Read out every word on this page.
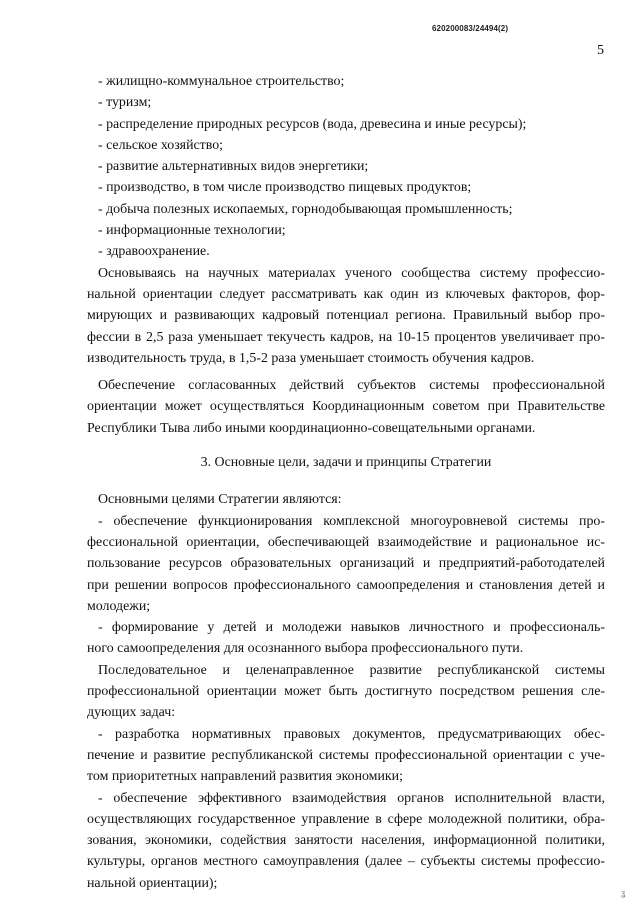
620200083/24494(2)
5
- жилищно-коммунальное строительство;
- туризм;
- распределение природных ресурсов (вода, древесина и иные ресурсы);
- сельское хозяйство;
- развитие альтернативных видов энергетики;
- производство, в том числе производство пищевых продуктов;
- добыча полезных ископаемых, горнодобывающая промышленность;
- информационные технологии;
- здравоохранение.
Основываясь на научных материалах ученого сообщества систему профессио-
нальной ориентации следует рассматривать как один из ключевых факторов, фор-
мирующих и развивающих кадровый потенциал региона. Правильный выбор про-
фессии в 2,5 раза уменьшает текучесть кадров, на 10-15 процентов увеличивает про-
изводительность труда, в 1,5-2 раза уменьшает стоимость обучения кадров.
Обеспечение согласованных действий субъектов системы профессиональной
ориентации может осуществляться Координационным советом при Правительстве
Республики Тыва либо иными координационно-совещательными органами.
3. Основные цели, задачи и принципы Стратегии
Основными целями Стратегии являются:
- обеспечение функционирования комплексной многоуровневой системы про-
фессиональной ориентации, обеспечивающей взаимодействие и рациональное ис-
пользование ресурсов образовательных организаций и предприятий-работодателей
при решении вопросов профессионального самоопределения и становления детей и
молодежи;
- формирование у детей и молодежи навыков личностного и профессиональ-
ного самоопределения для осознанного выбора профессионального пути.
Последовательное и целенаправленное развитие республиканской системы
профессиональной ориентации может быть достигнуто посредством решения сле-
дующих задач:
- разработка нормативных правовых документов, предусматривающих обес-
печение и развитие республиканской системы профессиональной ориентации с уче-
том приоритетных направлений развития экономики;
- обеспечение эффективного взаимодействия органов исполнительной власти,
осуществляющих государственное управление в сфере молодежной политики, обра-
зования, экономики, содействия занятости населения, информационной политики,
культуры, органов местного самоуправления (далее – субъекты системы профессио-
нальной ориентации);
ʓ
